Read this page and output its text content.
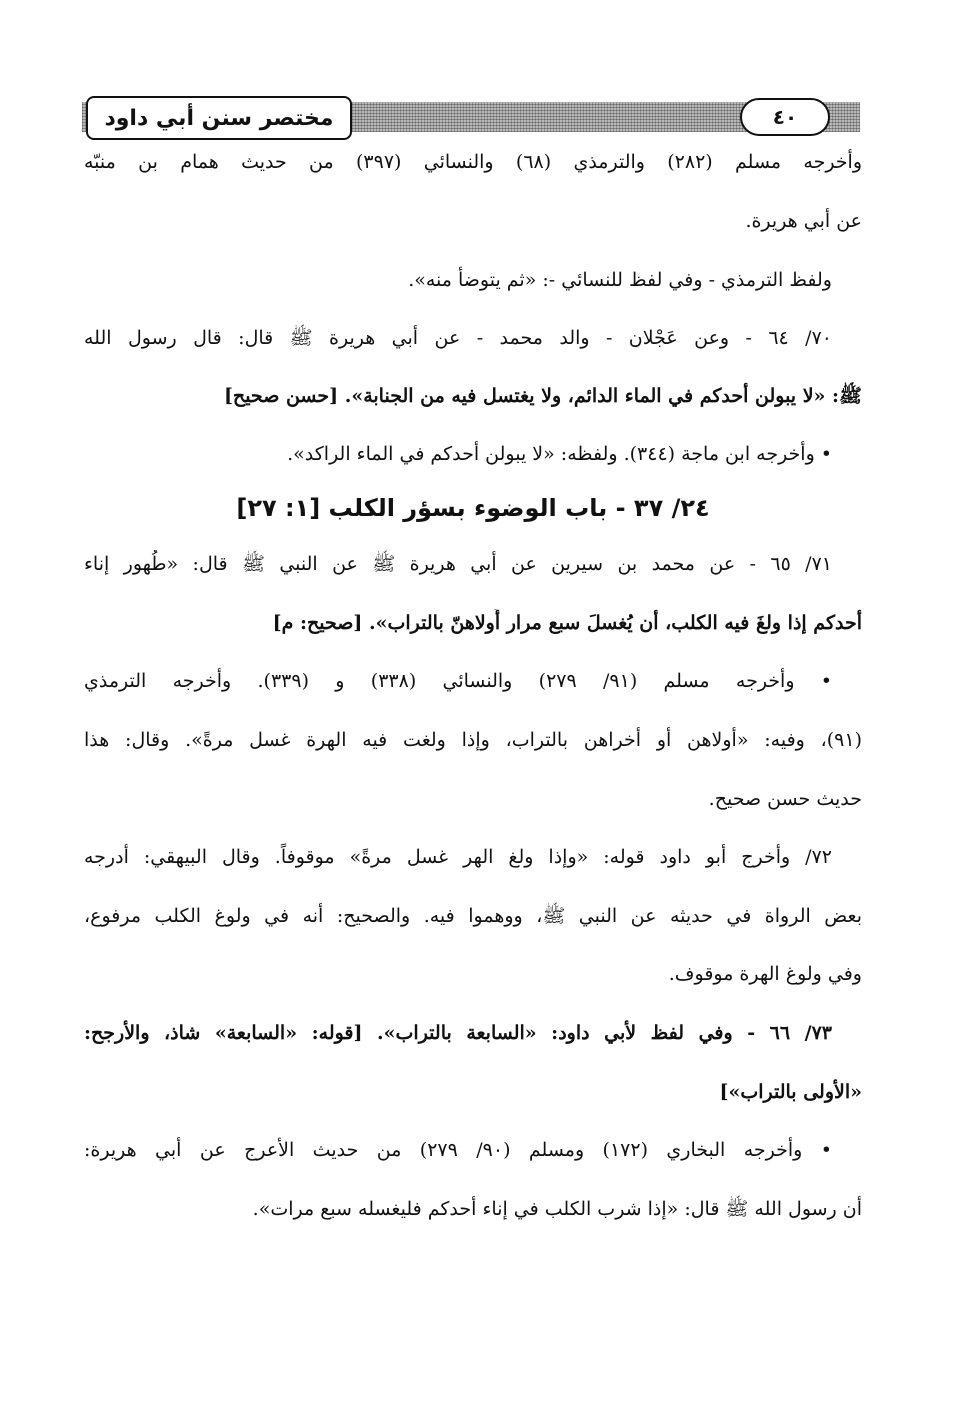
مختصر سنن أبي داود	٤٠
وأخرجه مسلم (٢٨٢) والترمذي (٦٨) والنسائي (٣٩٧) من حديث همام بن منبّه
عن أبي هريرة.
ولفظ الترمذي - وفي لفظ للنسائي -: «ثم يتوضأ منه».
٧٠/ ٦٤ - وعن عَجْلان - والد محمد - عن أبي هريرة ﷺ قال: قال رسول الله
ﷺ: «لا يبولن أحدكم في الماء الدائم، ولا يغتسل فيه من الجنابة». [حسن صحيح]
• وأخرجه ابن ماجة (٣٤٤). ولفظه: «لا يبولن أحدكم في الماء الراكد».
٢٤/ ٣٧ - باب الوضوء بسؤر الكلب [١: ٢٧]
٧١/ ٦٥ - عن محمد بن سيرين عن أبي هريرة ﷺ عن النبي ﷺ قال: «طُهور إناء
أحدكم إذا ولغَ فيه الكلب، أن يُغسلَ سبع مرار أُولاهنّ بالتراب». [صحيح: م]
• وأخرجه مسلم (٩١/ ٢٧٩) والنسائي (٣٣٨) و (٣٣٩). وأخرجه الترمذي
(٩١)، وفيه: «أولاهن أو أخراهن بالتراب، وإذا ولغت فيه الهرة غسل مرةً». وقال: هذا
حديث حسن صحيح.
٧٢/ وأخرج أبو داود قوله: «وإذا ولغ الهر غسل مرةً» موقوفاً. وقال البيهقي: أدرجه
بعض الرواة في حديثه عن النبي ﷺ، ووهموا فيه. والصحيح: أنه في ولوغ الكلب مرفوع،
وفي ولوغ الهرة موقوف.
٧٣/ ٦٦ - وفي لفظ لأبي داود: «السابعة بالتراب». [قوله: «السابعة» شاذ، والأرجح:
«الأولى بالتراب»]
• وأخرجه البخاري (١٧٢) ومسلم (٩٠/ ٢٧٩) من حديث الأعرج عن أبي هريرة:
أن رسول الله ﷺ قال: «إذا شرب الكلب في إناء أحدكم فليغسله سبع مرات».
